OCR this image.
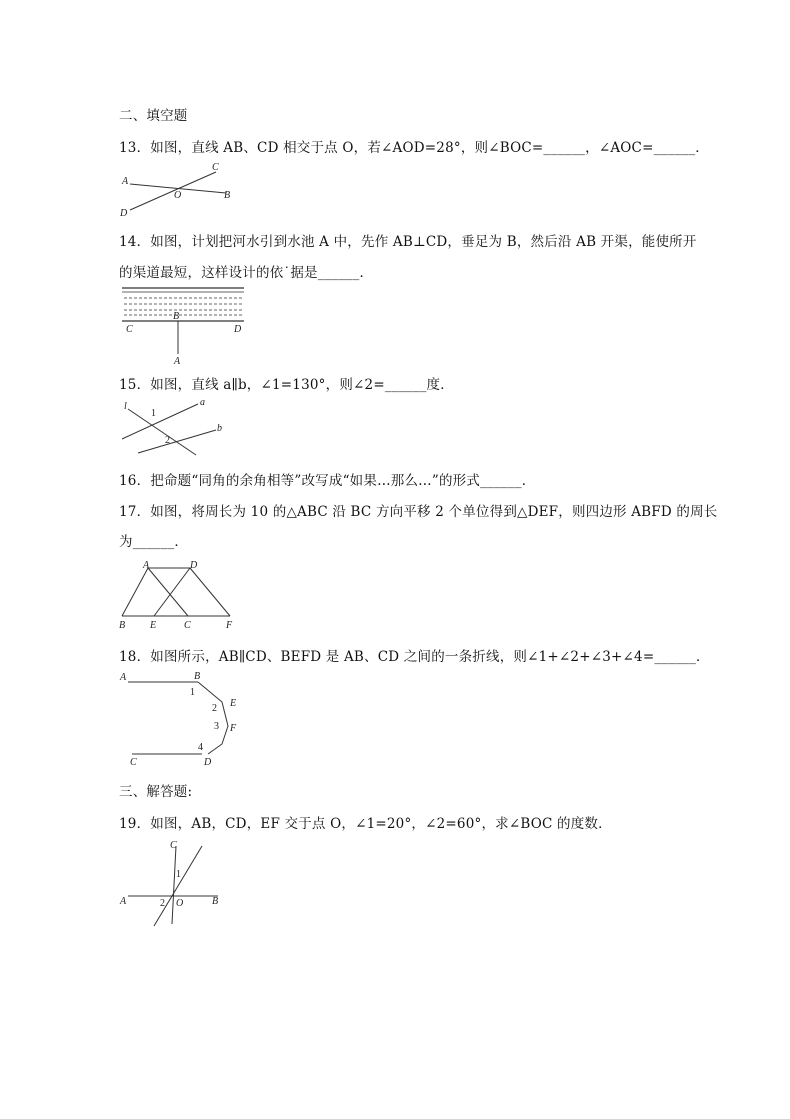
二、填空题
13．如图，直线 AB、CD 相交于点 O，若∠AOD=28°，则∠BOC=______，∠AOC=______．
A
B
C
D
O
14．如图，计划把河水引到水池 A 中，先作 AB⊥CD，垂足为 B，然后沿 AB 开渠，能使所开
的渠道最短，这样设计的依˙据是______．
B
C	D
A
15．如图，直线 a∥b，∠1=130°，则∠2=______度．
l	a
b
1
2
16．把命题“同角的余角相等”改写成“如果…那么…”的形式______．
17．如图，将周长为 10 的△ABC 沿 BC 方向平移 2 个单位得到△DEF，则四边形 ABFD 的周长
为______．
A	D
B E	C	F
18．如图所示，AB∥CD、BEFD 是 AB、CD 之间的一条折线，则∠1+∠2+∠3+∠4=______．
A	B
E
F
C	D
1
2
3
4
三、解答题:
19．如图，AB，CD，EF 交于点 O，∠1=20°，∠2=60°，求∠BOC 的度数．
C
1
A	2 O	B
